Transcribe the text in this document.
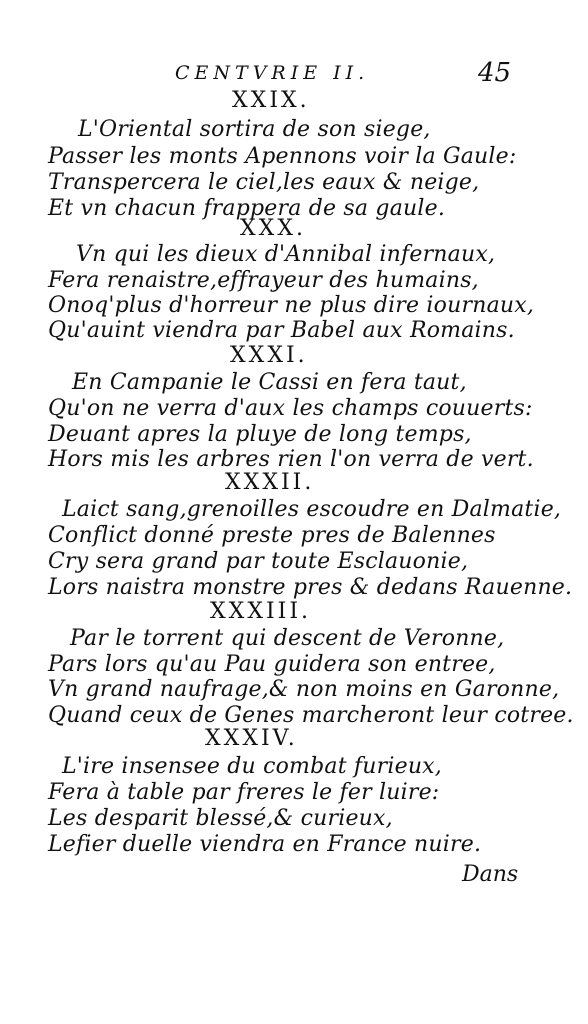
CENTVRIE II.	45
XXIX.
L'Oriental sortira de son siege,
Passer les monts Apennons voir la Gaule:
Transpercera le ciel,les eaux & neige,
Et vn chacun frappera de sa gaule.
XXX.
Vn qui les dieux d'Annibal infernaux,
Fera renaistre,effrayeur des humains,
Onoq'plus d'horreur ne plus dire iournaux,
Qu'auint viendra par Babel aux Romains.
XXXI.
En Campanie le Cassi en fera taut,
Qu'on ne verra d'aux les champs couuerts:
Deuant apres la pluye de long temps,
Hors mis les arbres rien l'on verra de vert.
XXXII.
Laict sang,grenoilles escoudre en Dalmatie,
Conflict donné preste pres de Balennes
Cry sera grand par toute Esclauonie,
Lors naistra monstre pres & dedans Rauenne.
XXXIII.
Par le torrent qui descent de Veronne,
Pars lors qu'au Pau guidera son entree,
Vn grand naufrage,& non moins en Garonne,
Quand ceux de Genes marcheront leur cotree.
XXXIV.
L'ire insensee du combat furieux,
Fera à table par freres le fer luire:
Les desparit blessé,& curieux,
Lefier duelle viendra en France nuire.
Dans
